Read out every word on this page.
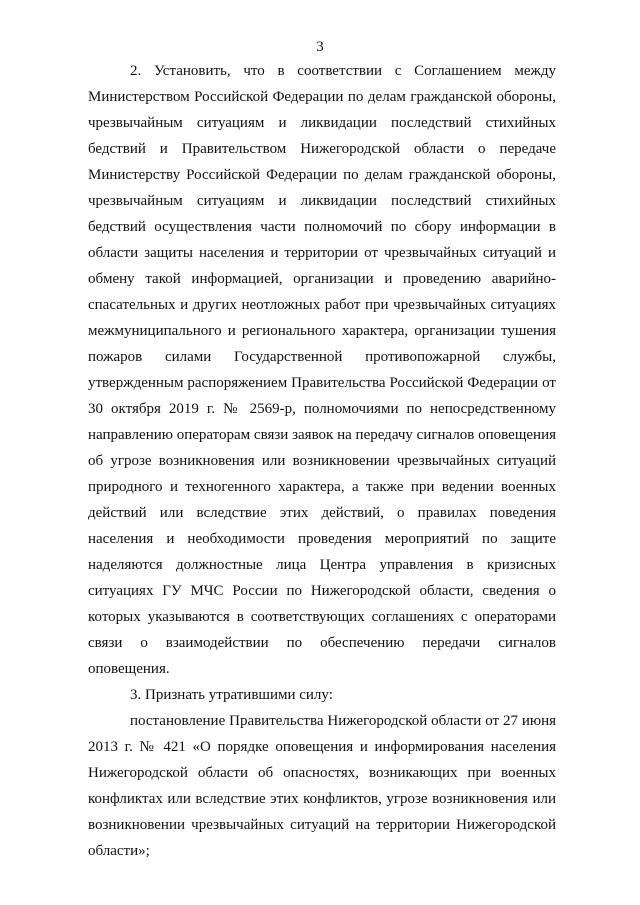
3

2. Установить, что в соответствии с Соглашением между Министерством Российской Федерации по делам гражданской обороны, чрезвычайным ситуациям и ликвидации последствий стихийных бедствий и Правительством Нижегородской области о передаче Министерству Российской Федерации по делам гражданской обороны, чрезвычайным ситуациям и ликвидации последствий стихийных бедствий осуществления части полномочий по сбору информации в области защиты населения и территории от чрезвычайных ситуаций и обмену такой информацией, организации и проведению аварийно-спасательных и других неотложных работ при чрезвычайных ситуациях межмуниципального и регионального характера, организации тушения пожаров силами Государственной противопожарной службы, утвержденным распоряжением Правительства Российской Федерации от 30 октября 2019 г. № 2569-р, полномочиями по непосредственному направлению операторам связи заявок на передачу сигналов оповещения об угрозе возникновения или возникновении чрезвычайных ситуаций природного и техногенного характера, а также при ведении военных действий или вследствие этих действий, о правилах поведения населения и необходимости проведения мероприятий по защите наделяются должностные лица Центра управления в кризисных ситуациях ГУ МЧС России по Нижегородской области, сведения о которых указываются в соответствующих соглашениях с операторами связи о взаимодействии по обеспечению передачи сигналов оповещения.

3. Признать утратившими силу:

постановление Правительства Нижегородской области от 27 июня 2013 г. № 421 «О порядке оповещения и информирования населения Нижегородской области об опасностях, возникающих при военных конфликтах или вследствие этих конфликтов, угрозе возникновения или возникновении чрезвычайных ситуаций на территории Нижегородской области»;
